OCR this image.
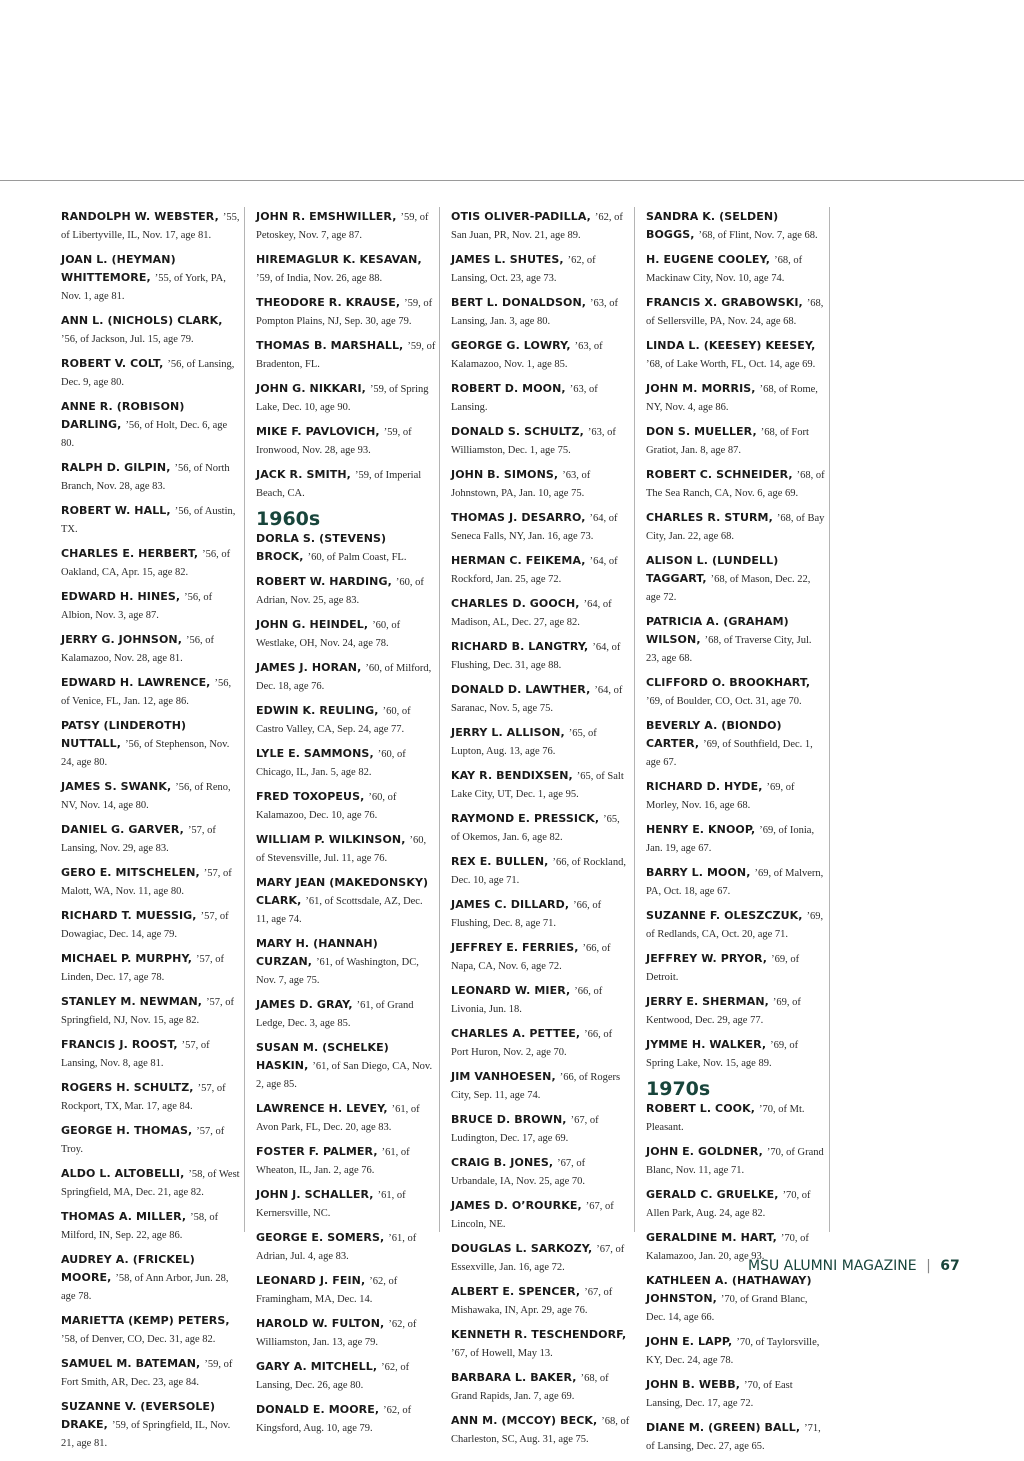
RANDOLPH W. WEBSTER, ’55, of Libertyville, IL, Nov. 17, age 81.
JOAN L. (HEYMAN) WHITTEMORE, ’55, of York, PA, Nov. 1, age 81.
ANN L. (NICHOLS) CLARK, ’56, of Jackson, Jul. 15, age 79.
ROBERT V. COLT, ’56, of Lansing, Dec. 9, age 80.
ANNE R. (ROBISON) DARLING, ’56, of Holt, Dec. 6, age 80.
RALPH D. GILPIN, ’56, of North Branch, Nov. 28, age 83.
ROBERT W. HALL, ’56, of Austin, TX.
CHARLES E. HERBERT, ’56, of Oakland, CA, Apr. 15, age 82.
EDWARD H. HINES, ’56, of Albion, Nov. 3, age 87.
JERRY G. JOHNSON, ’56, of Kalamazoo, Nov. 28, age 81.
EDWARD H. LAWRENCE, ’56, of Venice, FL, Jan. 12, age 86.
PATSY (LINDEROTH) NUTTALL, ’56, of Stephenson, Nov. 24, age 80.
JAMES S. SWANK, ’56, of Reno, NV, Nov. 14, age 80.
DANIEL G. GARVER, ’57, of Lansing, Nov. 29, age 83.
GERO E. MITSCHELEN, ’57, of Malott, WA, Nov. 11, age 80.
RICHARD T. MUESSIG, ’57, of Dowagiac, Dec. 14, age 79.
MICHAEL P. MURPHY, ’57, of Linden, Dec. 17, age 78.
STANLEY M. NEWMAN, ’57, of Springfield, NJ, Nov. 15, age 82.
FRANCIS J. ROOST, ’57, of Lansing, Nov. 8, age 81.
ROGERS H. SCHULTZ, ’57, of Rockport, TX, Mar. 17, age 84.
GEORGE H. THOMAS, ’57, of Troy.
ALDO L. ALTOBELLI, ’58, of West Springfield, MA, Dec. 21, age 82.
THOMAS A. MILLER, ’58, of Milford, IN, Sep. 22, age 86.
AUDREY A. (FRICKEL) MOORE, ’58, of Ann Arbor, Jun. 28, age 78.
MARIETTA (KEMP) PETERS, ’58, of Denver, CO, Dec. 31, age 82.
SAMUEL M. BATEMAN, ’59, of Fort Smith, AR, Dec. 23, age 84.
SUZANNE V. (EVERSOLE) DRAKE, ’59, of Springfield, IL, Nov. 21, age 81.
JOHN R. EMSHWILLER, ’59, of Petoskey, Nov. 7, age 87.
HIREMAGLUR K. KESAVAN, ’59, of India, Nov. 26, age 88.
THEODORE R. KRAUSE, ’59, of Pompton Plains, NJ, Sep. 30, age 79.
THOMAS B. MARSHALL, ’59, of Bradenton, FL.
JOHN G. NIKKARI, ’59, of Spring Lake, Dec. 10, age 90.
MIKE F. PAVLOVICH, ’59, of Ironwood, Nov. 28, age 93.
JACK R. SMITH, ’59, of Imperial Beach, CA.
1960s
DORLA S. (STEVENS) BROCK, ’60, of Palm Coast, FL.
ROBERT W. HARDING, ’60, of Adrian, Nov. 25, age 83.
JOHN G. HEINDEL, ’60, of Westlake, OH, Nov. 24, age 78.
JAMES J. HORAN, ’60, of Milford, Dec. 18, age 76.
EDWIN K. REULING, ’60, of Castro Valley, CA, Sep. 24, age 77.
LYLE E. SAMMONS, ’60, of Chicago, IL, Jan. 5, age 82.
FRED TOXOPEUS, ’60, of Kalamazoo, Dec. 10, age 76.
WILLIAM P. WILKINSON, ’60, of Stevensville, Jul. 11, age 76.
MARY JEAN (MAKEDONSKY) CLARK, ’61, of Scottsdale, AZ, Dec. 11, age 74.
MARY H. (HANNAH) CURZAN, ’61, of Washington, DC, Nov. 7, age 75.
JAMES D. GRAY, ’61, of Grand Ledge, Dec. 3, age 85.
SUSAN M. (SCHELKE) HASKIN, ’61, of San Diego, CA, Nov. 2, age 85.
LAWRENCE H. LEVEY, ’61, of Avon Park, FL, Dec. 20, age 83.
FOSTER F. PALMER, ’61, of Wheaton, IL, Jan. 2, age 76.
JOHN J. SCHALLER, ’61, of Kernersville, NC.
GEORGE E. SOMERS, ’61, of Adrian, Jul. 4, age 83.
LEONARD J. FEIN, ’62, of Framingham, MA, Dec. 14.
HAROLD W. FULTON, ’62, of Williamston, Jan. 13, age 79.
GARY A. MITCHELL, ’62, of Lansing, Dec. 26, age 80.
DONALD E. MOORE, ’62, of Kingsford, Aug. 10, age 79.
OTIS OLIVER-PADILLA, ’62, of San Juan, PR, Nov. 21, age 89.
JAMES L. SHUTES, ’62, of Lansing, Oct. 23, age 73.
BERT L. DONALDSON, ’63, of Lansing, Jan. 3, age 80.
GEORGE G. LOWRY, ’63, of Kalamazoo, Nov. 1, age 85.
ROBERT D. MOON, ’63, of Lansing.
DONALD S. SCHULTZ, ’63, of Williamston, Dec. 1, age 75.
JOHN B. SIMONS, ’63, of Johnstown, PA, Jan. 10, age 75.
THOMAS J. DESARRO, ’64, of Seneca Falls, NY, Jan. 16, age 73.
HERMAN C. FEIKEMA, ’64, of Rockford, Jan. 25, age 72.
CHARLES D. GOOCH, ’64, of Madison, AL, Dec. 27, age 82.
RICHARD B. LANGTRY, ’64, of Flushing, Dec. 31, age 88.
DONALD D. LAWTHER, ’64, of Saranac, Nov. 5, age 75.
JERRY L. ALLISON, ’65, of Lupton, Aug. 13, age 76.
KAY R. BENDIXSEN, ’65, of Salt Lake City, UT, Dec. 1, age 95.
RAYMOND E. PRESSICK, ’65, of Okemos, Jan. 6, age 82.
REX E. BULLEN, ’66, of Rockland, Dec. 10, age 71.
JAMES C. DILLARD, ’66, of Flushing, Dec. 8, age 71.
JEFFREY E. FERRIES, ’66, of Napa, CA, Nov. 6, age 72.
LEONARD W. MIER, ’66, of Livonia, Jun. 18.
CHARLES A. PETTEE, ’66, of Port Huron, Nov. 2, age 70.
JIM VANHOESEN, ’66, of Rogers City, Sep. 11, age 74.
BRUCE D. BROWN, ’67, of Ludington, Dec. 17, age 69.
CRAIG B. JONES, ’67, of Urbandale, IA, Nov. 25, age 70.
JAMES D. O’ROURKE, ’67, of Lincoln, NE.
DOUGLAS L. SARKOZY, ’67, of Essexville, Jan. 16, age 72.
ALBERT E. SPENCER, ’67, of Mishawaka, IN, Apr. 29, age 76.
KENNETH R. TESCHENDORF, ’67, of Howell, May 13.
BARBARA L. BAKER, ’68, of Grand Rapids, Jan. 7, age 69.
ANN M. (MCCOY) BECK, ’68, of Charleston, SC, Aug. 31, age 75.
SANDRA K. (SELDEN) BOGGS, ’68, of Flint, Nov. 7, age 68.
H. EUGENE COOLEY, ’68, of Mackinaw City, Nov. 10, age 74.
FRANCIS X. GRABOWSKI, ’68, of Sellersville, PA, Nov. 24, age 68.
LINDA L. (KEESEY) KEESEY, ’68, of Lake Worth, FL, Oct. 14, age 69.
JOHN M. MORRIS, ’68, of Rome, NY, Nov. 4, age 86.
DON S. MUELLER, ’68, of Fort Gratiot, Jan. 8, age 87.
ROBERT C. SCHNEIDER, ’68, of The Sea Ranch, CA, Nov. 6, age 69.
CHARLES R. STURM, ’68, of Bay City, Jan. 22, age 68.
ALISON L. (LUNDELL) TAGGART, ’68, of Mason, Dec. 22, age 72.
PATRICIA A. (GRAHAM) WILSON, ’68, of Traverse City, Jul. 23, age 68.
CLIFFORD O. BROOKHART, ’69, of Boulder, CO, Oct. 31, age 70.
BEVERLY A. (BIONDO) CARTER, ’69, of Southfield, Dec. 1, age 67.
RICHARD D. HYDE, ’69, of Morley, Nov. 16, age 68.
HENRY E. KNOOP, ’69, of Ionia, Jan. 19, age 67.
BARRY L. MOON, ’69, of Malvern, PA, Oct. 18, age 67.
SUZANNE F. OLESZCZUK, ’69, of Redlands, CA, Oct. 20, age 71.
JEFFREY W. PRYOR, ’69, of Detroit.
JERRY E. SHERMAN, ’69, of Kentwood, Dec. 29, age 77.
JYMME H. WALKER, ’69, of Spring Lake, Nov. 15, age 89.
1970s
ROBERT L. COOK, ’70, of Mt. Pleasant.
JOHN E. GOLDNER, ’70, of Grand Blanc, Nov. 11, age 71.
GERALD C. GRUELKE, ’70, of Allen Park, Aug. 24, age 82.
GERALDINE M. HART, ’70, of Kalamazoo, Jan. 20, age 93.
KATHLEEN A. (HATHAWAY) JOHNSTON, ’70, of Grand Blanc, Dec. 14, age 66.
JOHN E. LAPP, ’70, of Taylorsville, KY, Dec. 24, age 78.
JOHN B. WEBB, ’70, of East Lansing, Dec. 17, age 72.
DIANE M. (GREEN) BALL, ’71, of Lansing, Dec. 27, age 65.
MSU ALUMNI MAGAZINE | 67
